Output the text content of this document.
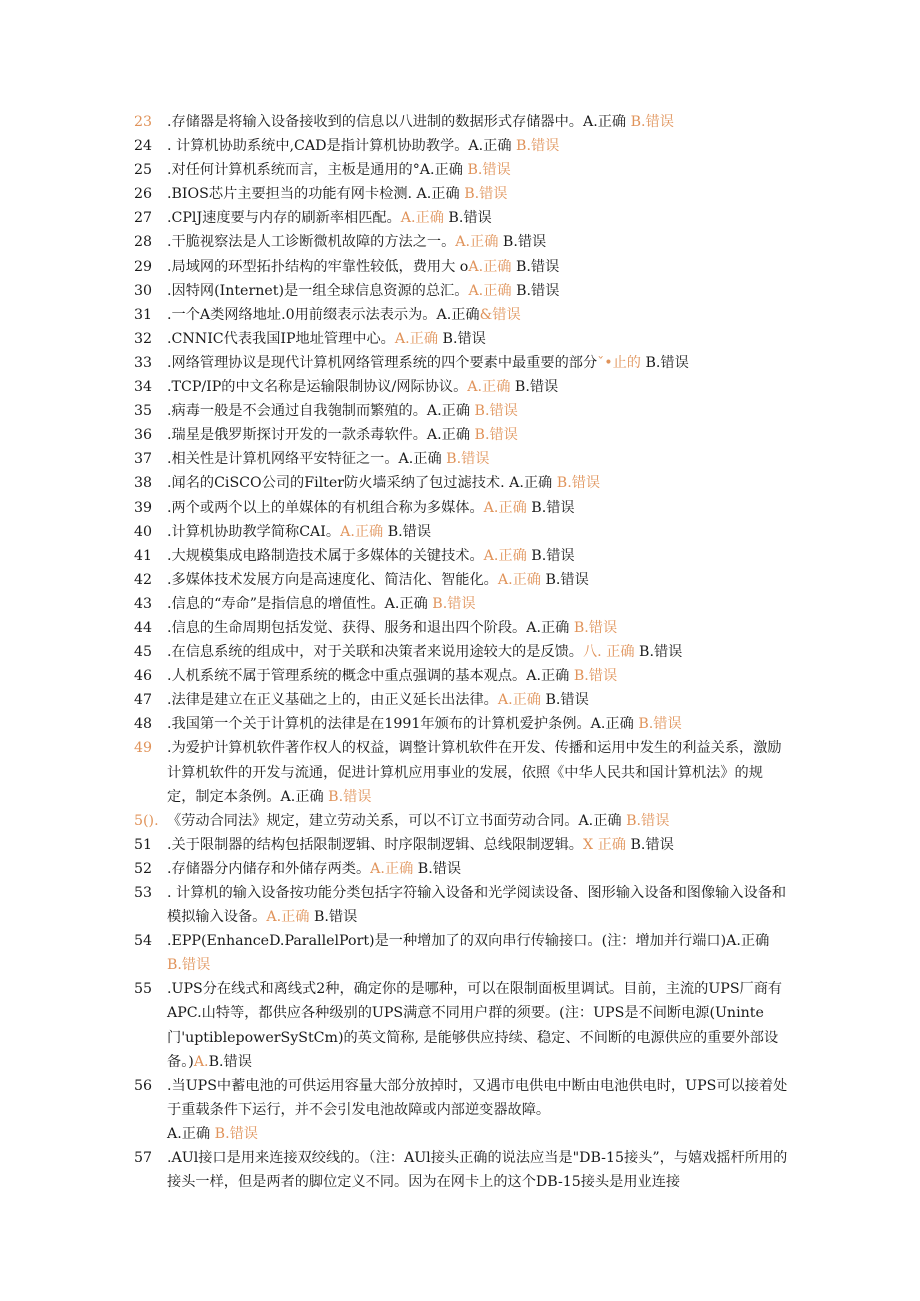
23	.存储器是将输入设备接收到的信息以八进制的数据形式存储器中。A.正确 B.错误
24	. 计算机协助系统中,CAD是指计算机协助教学。A.正确 B.错误
25	.对任何计算机系统而言，主板是通用的°A.正确 B.错误
26	.BIOS芯片主要担当的功能有网卡检测. A.正确 B.错误
27	.CPlJ速度要与内存的刷新率相匹配。A.正确 B.错误
28	.干脆视察法是人工诊断微机故障的方法之一。A.正确 B.错误
29	.局域网的环型拓扑结构的牢靠性较低，费用大 oA.正确 B.错误
30	.因特网(Internet)是一组全球信息资源的总汇。A.正确 B.错误
31	.一个A类网络地址.0用前缀表示法表示为。A.正确&错误
32	.CNNIC代表我国IP地址管理中心。A.正确 B.错误
33	.网络管理协议是现代计算机网络管理系统的四个要素中最重要的部分ˇ•止的 B.错误
34	.TCP/IP的中文名称是运输限制协议/网际协议。A.正确 B.错误
35	.病毒一般是不会通过自我匏制而繁殖的。A.正确 B.错误
36	.瑞星是俄罗斯探讨开发的一款杀毒软件。A.正确 B.错误
37	.相关性是计算机网络平安特征之一。A.正确 B.错误
38	.闻名的CiSCO公司的Filter防火墙采纳了包过滤技术. A.正确 B.错误
39	.两个或两个以上的单媒体的有机组合称为多媒体。A.正确 B.错误
40	.计算机协助教学简称CAI。A.正确 B.错误
41	.大规模集成电路制造技术属于多媒体的关键技术。A.正确 B.错误
42	.多媒体技术发展方向是高速度化、简洁化、智能化。A.正确 B.错误
43	.信息的“寿命”是指信息的增值性。A.正确 B.错误
44	.信息的生命周期包括发觉、获得、服务和退出四个阶段。A.正确 B.错误
45	.在信息系统的组成中，对于关联和决策者来说用途较大的是反馈。八. 正确 B.错误
46	.人机系统不属于管理系统的概念中重点强调的基本观点。A.正确 B.错误
47	.法律是建立在正义基础之上的，由正义延长出法律。A.正确 B.错误
48	.我国第一个关于计算机的法律是在1991年颁布的计算机爱护条例。A.正确 B.错误
49	.为爱护计算机软件著作权人的权益，调整计算机软件在开发、传播和运用中发生的利益关系，激励计算机软件的开发与流通，促进计算机应用事业的发展，依照《中华人民共和国计算机法》的规定，制定本条例。A.正确 B.错误
5(). 《劳动合同法》规定，建立劳动关系，可以不订立书面劳动合同。A.正确 B.错误
51	.关于限制器的结构包括限制逻辑、时序限制逻辑、总线限制逻辑。X 正确 B.错误
52	.存储器分内储存和外储存两类。A.正确 B.错误
53	. 计算机的输入设备按功能分类包括字符输入设备和光学阅读设备、图形输入设备和图像输入设备和模拟输入设备。A.正确 B.错误
54	.EPP(EnhanceD.ParallelPort)是一种增加了的双向串行传输接口。(注：增加并行端口)A.正确 B.错误
55	.UPS分在线式和离线式2种，确定你的是哪种，可以在限制面板里调试。目前，主流的UPS厂商有APC.山特等，都供应各种级别的UPS满意不同用户群的须要。(注：UPS是不间断电源(Uninte门'uptiblepowerSyStCm)的英文简称, 是能够供应持续、稳定、不间断的电源供应的重要外部设备。)A.B.错误
56	.当UPS中蓄电池的可供运用容量大部分放掉时，又遇市电供电中断由电池供电时，UPS可以接着处于重载条件下运行，并不会引发电池故障或内部逆变器故障。
A.正确 B.错误
57	.AUl接口是用来连接双绞线的。（注：AUl接头正确的说法应当是"DB-15接头”，与嬉戏摇杆所用的接头一样，但是两者的脚位定义不同。因为在网卡上的这个DB-15接头是用业连接
